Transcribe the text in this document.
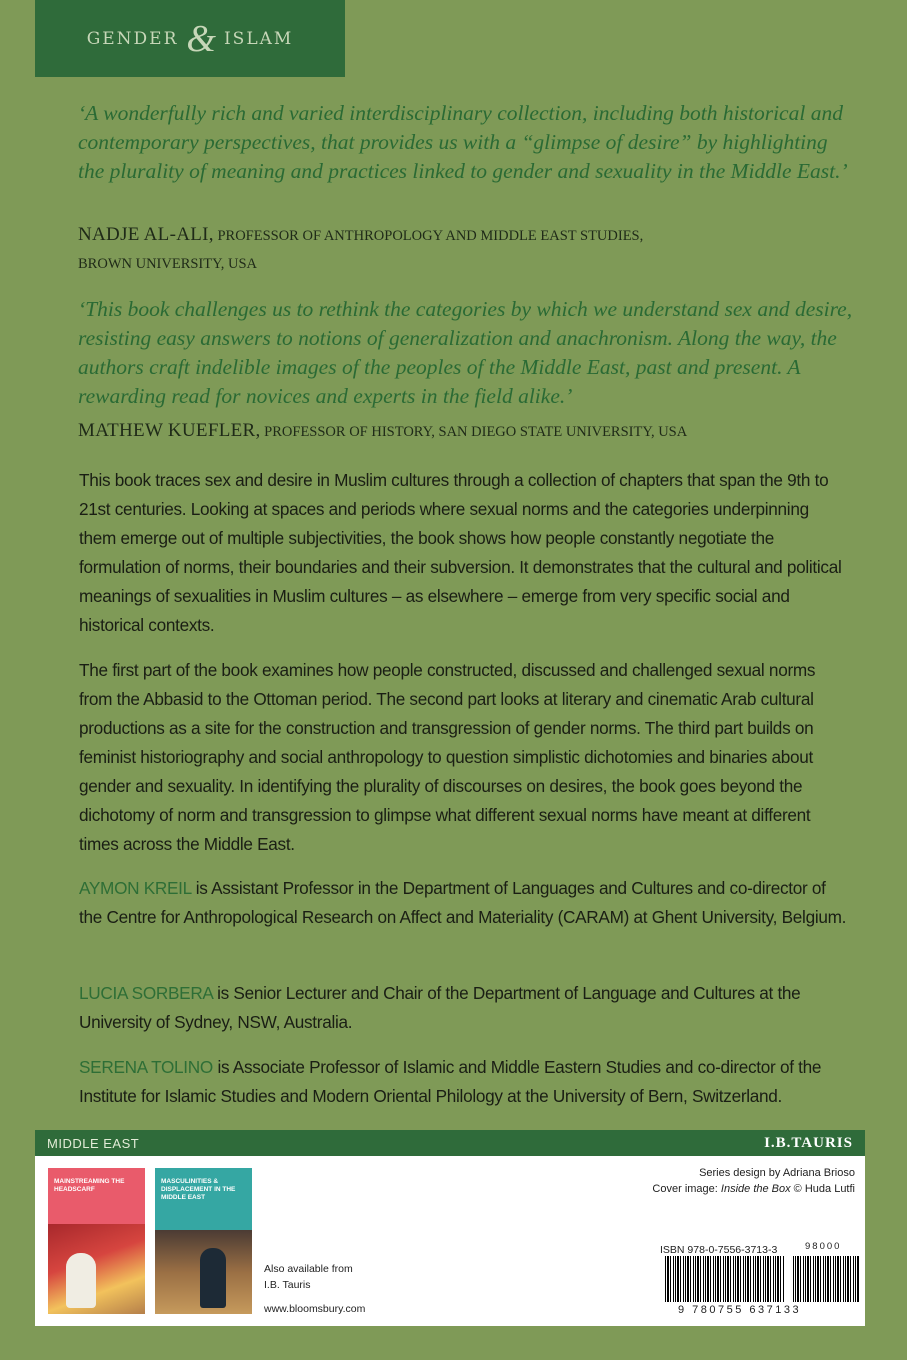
GENDER & ISLAM
‘A wonderfully rich and varied interdisciplinary collection, including both historical and contemporary perspectives, that provides us with a “glimpse of desire” by highlighting the plurality of meaning and practices linked to gender and sexuality in the Middle East.’
NADJE AL-ALI, PROFESSOR OF ANTHROPOLOGY AND MIDDLE EAST STUDIES,
BROWN UNIVERSITY, USA
‘This book challenges us to rethink the categories by which we understand sex and desire, resisting easy answers to notions of generalization and anachronism. Along the way, the authors craft indelible images of the peoples of the Middle East, past and present. A rewarding read for novices and experts in the field alike.’
MATHEW KUEFLER, PROFESSOR OF HISTORY, SAN DIEGO STATE UNIVERSITY, USA
This book traces sex and desire in Muslim cultures through a collection of chapters that span the 9th to 21st centuries. Looking at spaces and periods where sexual norms and the categories underpinning them emerge out of multiple subjectivities, the book shows how people constantly negotiate the formulation of norms, their boundaries and their subversion. It demonstrates that the cultural and political meanings of sexualities in Muslim cultures – as elsewhere – emerge from very specific social and historical contexts.
The first part of the book examines how people constructed, discussed and challenged sexual norms from the Abbasid to the Ottoman period. The second part looks at literary and cinematic Arab cultural productions as a site for the construction and transgression of gender norms. The third part builds on feminist historiography and social anthropology to question simplistic dichotomies and binaries about gender and sexuality. In identifying the plurality of discourses on desires, the book goes beyond the dichotomy of norm and transgression to glimpse what different sexual norms have meant at different times across the Middle East.
AYMON KREIL is Assistant Professor in the Department of Languages and Cultures and co-director of the Centre for Anthropological Research on Affect and Materiality (CARAM) at Ghent University, Belgium.
LUCIA SORBERA is Senior Lecturer and Chair of the Department of Language and Cultures at the University of Sydney, NSW, Australia.
SERENA TOLINO is Associate Professor of Islamic and Middle Eastern Studies and co-director of the Institute for Islamic Studies and Modern Oriental Philology at the University of Bern, Switzerland.
MIDDLE EAST	I.B.TAURIS
MAINSTREAMING THE HEADSCARF
MASCULINITIES & DISPLACEMENT IN THE MIDDLE EAST
Also available from
I.B. Tauris
www.bloomsbury.com
Series design by Adriana Brioso
Cover image: Inside the Box © Huda Lutfi
ISBN 978-0-7556-3713-3	98000
9 780755 637133
